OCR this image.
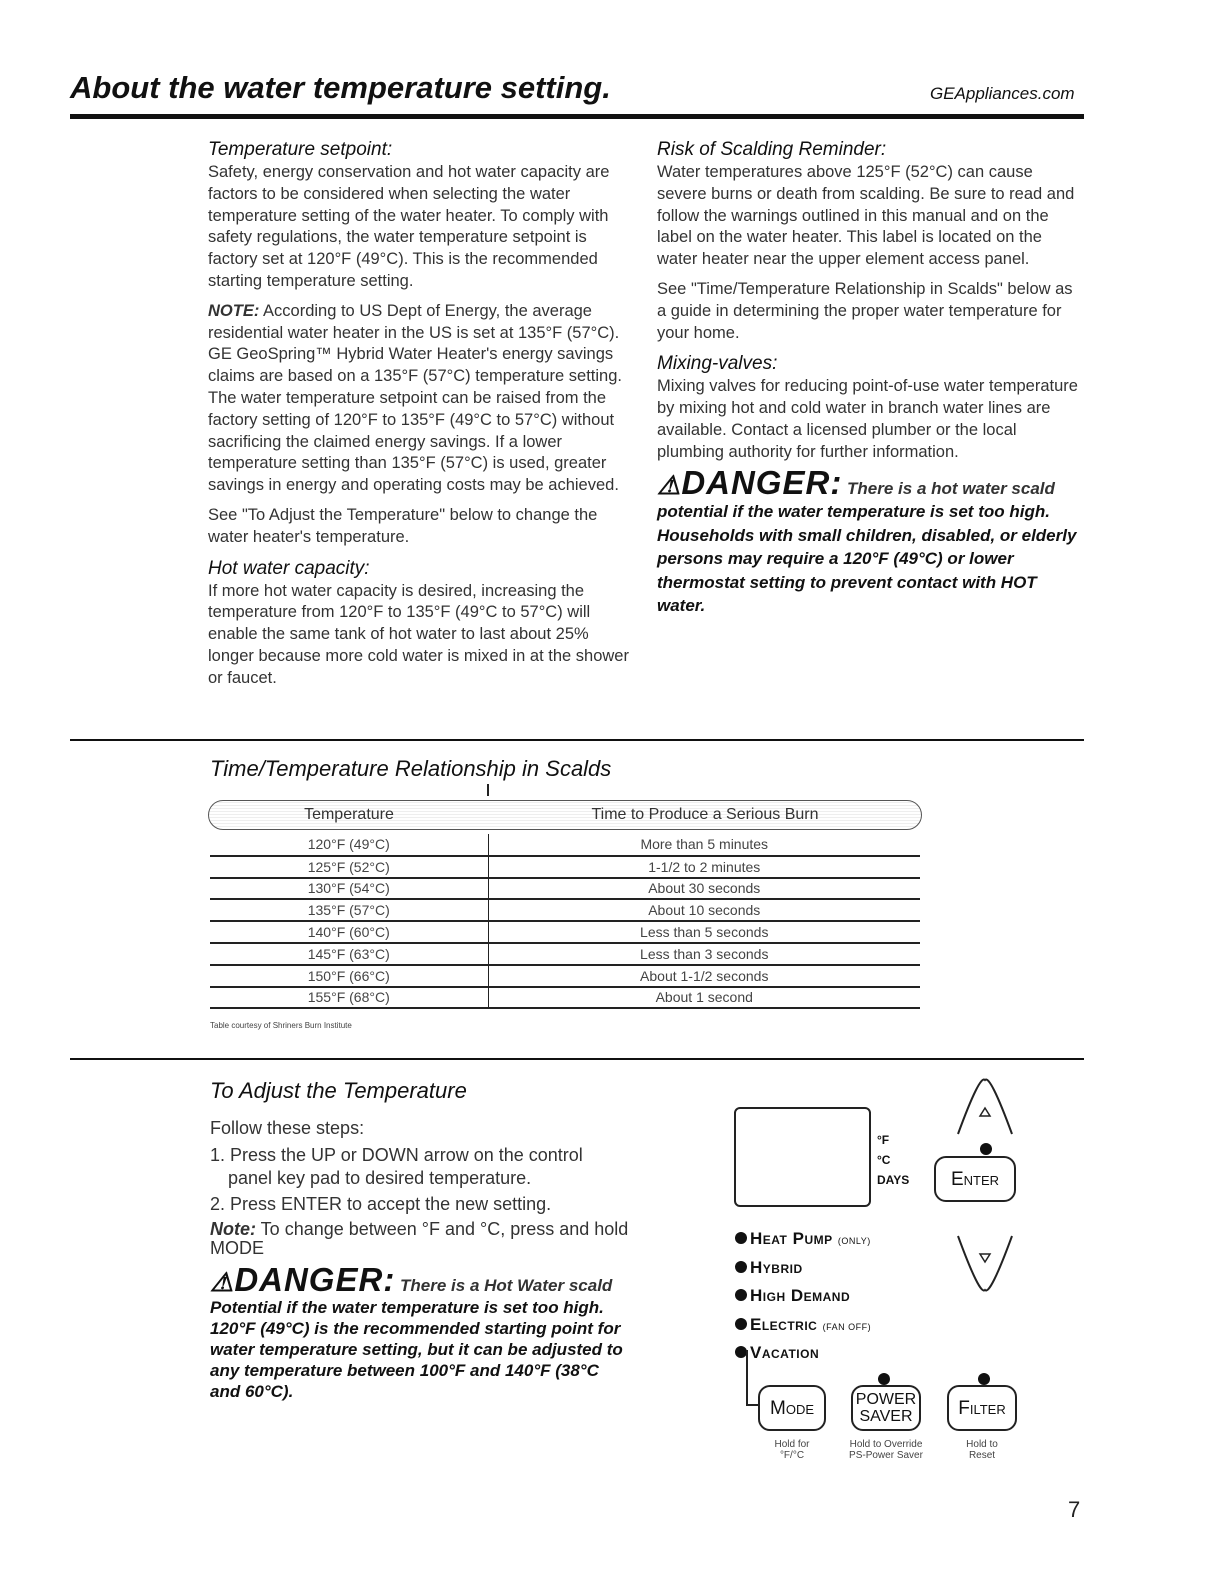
About the water temperature setting.	GEAppliances.com
Temperature setpoint:

Safety, energy conservation and hot water capacity are factors to be considered when selecting the water temperature setting of the water heater. To comply with safety regulations, the water temperature setpoint is factory set at 120°F (49°C). This is the recommended starting temperature setting.

NOTE: According to US Dept of Energy, the average residential water heater in the US is set at 135°F (57°C). GE GeoSpring™ Hybrid Water Heater's energy savings claims are based on a 135°F (57°C) temperature setting. The water temperature setpoint can be raised from the factory setting of 120°F to 135°F (49°C to 57°C) without sacrificing the claimed energy savings. If a lower temperature setting than 135°F (57°C) is used, greater savings in energy and operating costs may be achieved.

See "To Adjust the Temperature" below to change the water heater's temperature.

Hot water capacity:

If more hot water capacity is desired, increasing the temperature from 120°F to 135°F (49°C to 57°C) will enable the same tank of hot water to last about 25% longer because more cold water is mixed in at the shower or faucet.

Risk of Scalding Reminder:

Water temperatures above 125°F (52°C) can cause severe burns or death from scalding. Be sure to read and follow the warnings outlined in this manual and on the label on the water heater. This label is located on the water heater near the upper element access panel.

See "Time/Temperature Relationship in Scalds" below as a guide in determining the proper water temperature for your home.

Mixing-valves:

Mixing valves for reducing point-of-use water temperature by mixing hot and cold water in branch water lines are available. Contact a licensed plumber or the local plumbing authority for further information.

⚠DANGER: There is a hot water scald
potential if the water temperature is set too high. Households with small children, disabled, or elderly persons may require a 120°F (49°C) or lower thermostat setting to prevent contact with HOT water.
Time/Temperature Relationship in Scalds
Temperature	Time to Produce a Serious Burn
120°F (49°C)	More than 5 minutes
125°F (52°C)	1-1/2 to 2 minutes
130°F (54°C)	About 30 seconds
135°F (57°C)	About 10 seconds
140°F (60°C)	Less than 5 seconds
145°F (63°C)	Less than 3 seconds
150°F (66°C)	About 1-1/2 seconds
155°F (68°C)	About 1 second
Table courtesy of Shriners Burn Institute
To Adjust the Temperature
Follow these steps:
1. Press the UP or DOWN arrow on the control panel key pad to desired temperature.
2. Press ENTER to accept the new setting.
Note: To change between °F and °C, press and hold MODE
⚠DANGER: There is a Hot Water scald
Potential if the water temperature is set too high. 120°F (49°C) is the recommended starting point for water temperature setting, but it can be adjusted to any temperature between 100°F and 140°F (38°C and 60°C).
°F
°C
DAYS	Enter
Heat Pump (ONLY)
Hybrid
High Demand
Electric (FAN OFF)
Vacation
Mode	POWER
SAVER	Filter
Hold for
°F/°C
Hold to Override
PS-Power Saver
Hold to
Reset
7
